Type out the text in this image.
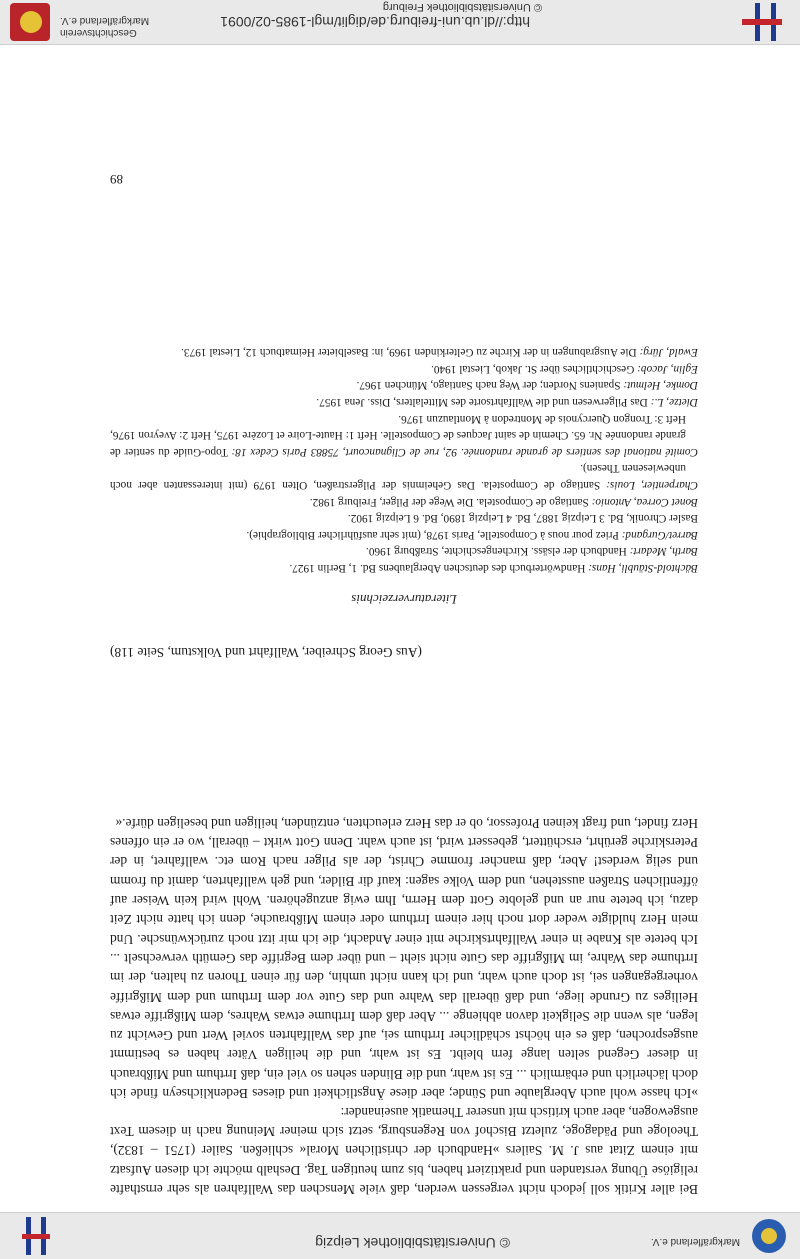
Markgräflerland e.V.
© Universitätsbibliothek Leipzig
Bei aller Kritik soll jedoch nicht vergessen werden, daß viele Menschen das Wallfahren als sehr ernsthafte religiöse Übung verstanden und praktiziert haben, bis zum heutigen Tag. Deshalb möchte ich diesen Aufsatz mit einem Zitat aus J. M. Sailers »Handbuch der christlichen Moral« schließen. Sailer (1751 – 1832), Theologe und Pädagoge, zuletzt Bischof von Regensburg, setzt sich meiner Meinung nach in diesem Text ausgewogen, aber auch kritisch mit unserer Thematik auseinander:
»Ich hasse wohl auch Aberglaube und Sünde; aber diese Ängstlichkeit und dieses Bedenklichseyn finde ich doch lächerlich und erbärmlich ... Es ist wahr, und die Blinden sehen so viel ein, daß Irrthum und Mißbrauch in dieser Gegend selten lange fern bleibt. Es ist wahr, und die heiligen Väter haben es bestimmt ausgesprochen, daß es ein höchst schädlicher Irrthum sei, auf das Wallfahrten soviel Wert und Gewicht zu legen, als wenn die Seligkeit davon abhienge ... Aber daß dem Irrthume etwas Wahres, dem Mißgriffe etwas Heiliges zu Grunde liege, und daß überall das Wahre und das Gute vor dem Irrthum und dem Mißgriffe vorhergegangen sei, ist doch auch wahr, und ich kann nicht umhin, den für einen Thoren zu halten, der im Irrthume das Wahre, im Mißgriffe das Gute nicht sieht – und über dem Begriffe das Gemüth verwechselt ... Ich betete als Knabe in einer Wallfahrtskirche mit einer Andacht, die ich mir itzt noch zurückwünsche. Und mein Herz huldigte weder dort noch hier einem Irrthum oder einem Mißbrauche, denn ich hatte nicht Zeit dazu, ich betete nur an und gelobte Gott dem Herrn, Ihm ewig anzugehören. Wohl wird kein Weiser auf öffentlichen Straßen ausstehen, und dem Volke sagen: kauf dir Bilder, und geh wallfahrten, damit du fromm und selig werdest! Aber, daß mancher fromme Christ, der als Pilger nach Rom etc. wallfahret, in der Peterskirche gerührt, erschüttert, gebessert wird, ist auch wahr. Denn Gott wirkt – überall, wo er ein offenes Herz findet, und fragt keinen Professor, ob er das Herz erleuchten, entzünden, heiligen und beseligen dürfe.«
(Aus Georg Schreiber, Wallfahrt und Volkstum, Seite 118)
Literaturverzeichnis
Bächtold-Stäubli, Hans: Handwörterbuch des deutschen Aberglaubens Bd. 1, Berlin 1927.
Barth, Medart: Handbuch der elsäss. Kirchengeschichte, Straßburg 1960.
Barret/Gurgand: Priez pour nous à Compostelle, Paris 1978, (mit sehr ausführlicher Bibliographie).
Basler Chronik, Bd. 3 Leipzig 1887, Bd. 4 Leipzig 1890, Bd. 6 Leipzig 1902.
Bonet Correa, Antonio: Santiago de Compostela. Die Wege der Pilger, Freiburg 1982.
Charpentier, Louis: Santiago de Compostela. Das Geheimnis der Pilgerstraßen, Olten 1979 (mit interessanten aber noch unbewiesenen Thesen).
Comité national des sentiers de grande randonnée. 92, rue de Clignancourt, 75883 Paris Cedex 18: Topo-Guide du sentier de grande randonnée Nr. 65. Chemin de saint Jacques de Compostelle. Heft 1: Haute-Loire et Lozère 1975, Heft 2: Aveyron 1976, Heft 3: Trongon Quercynois de Montredon à Montlauzun 1976.
Dietze, L.: Das Pilgerwesen und die Wallfahrtsorte des Mittelalters, Diss. Jena 1957.
Domke, Helmut: Spaniens Norden; der Weg nach Santiago, München 1967.
Eglin, Jacob: Geschichtliches über St. Jakob, Liestal 1940.
Ewald, Jürg: Die Ausgrabungen in der Kirche zu Gelterkinden 1969, in: Baselbieter Heimatbuch 12, Liestal 1973.
89
http://dl.ub.uni-freiburg.de/diglit/mgl-1985-02/0091
© Universitätsbibliothek Freiburg
Geschichtsverein
Markgräflerland e.V.
